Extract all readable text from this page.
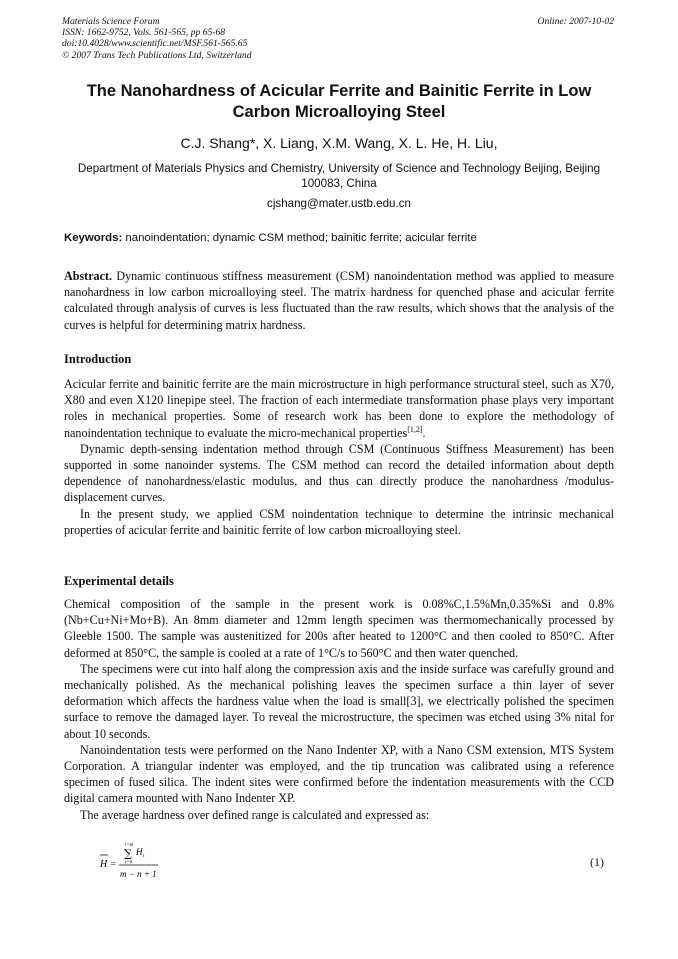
Materials Science Forum
ISSN: 1662-9752, Vols. 561-565, pp 65-68
doi:10.4028/www.scientific.net/MSF.561-565.65
© 2007 Trans Tech Publications Ltd, Switzerland
Online: 2007-10-02
The Nanohardness of Acicular Ferrite and Bainitic Ferrite in Low Carbon Microalloying Steel
C.J. Shang*, X. Liang, X.M. Wang, X. L. He, H. Liu,
Department of Materials Physics and Chemistry, University of Science and Technology Beijing, Beijing 100083, China
cjshang@mater.ustb.edu.cn
Keywords: nanoindentation; dynamic CSM method; bainitic ferrite; acicular ferrite
Abstract. Dynamic continuous stiffness measurement (CSM) nanoindentation method was applied to measure nanohardness in low carbon microalloying steel. The matrix hardness for quenched phase and acicular ferrite calculated through analysis of curves is less fluctuated than the raw results, which shows that the analysis of the curves is helpful for determining matrix hardness.
Introduction

Acicular ferrite and bainitic ferrite are the main microstructure in high performance structural steel, such as X70, X80 and even X120 linepipe steel. The fraction of each intermediate transformation phase plays very important roles in mechanical properties. Some of research work has been done to explore the methodology of nanoindentation technique to evaluate the micro-mechanical properties[1,2].

Dynamic depth-sensing indentation method through CSM (Continuous Stiffness Measurement) has been supported in some nanoinder systems. The CSM method can record the detailed information about depth dependence of nanohardness/elastic modulus, and thus can directly produce the nanohardness /modulus-displacement curves.

In the present study, we applied CSM noindentation technique to determine the intrinsic mechanical properties of acicular ferrite and bainitic ferrite of low carbon microalloying steel.

Experimental details

Chemical composition of the sample in the present work is 0.08%C,1.5%Mn,0.35%Si and 0.8%(Nb+Cu+Ni+Mo+B). An 8mm diameter and 12mm length specimen was thermomechanically processed by Gleeble 1500. The sample was austenitized for 200s after heated to 1200°C and then cooled to 850°C. After deformed at 850°C, the sample is cooled at a rate of 1°C/s to 560°C and then water quenched.

The specimens were cut into half along the compression axis and the inside surface was carefully ground and mechanically polished. As the mechanical polishing leaves the specimen surface a thin layer of sever deformation which affects the hardness value when the load is small[3], we electrically polished the specimen surface to remove the damaged layer. To reveal the microstructure, the specimen was etched using 3% nital for about 10 seconds.

Nanoindentation tests were performed on the Nano Indenter XP, with a Nano CSM extension, MTS System Corporation. A triangular indenter was employed, and the tip truncation was calibrated using a reference specimen of fused silica. The indent sites were confirmed before the indentation measurements with the CCD digital camera mounted with Nano Indenter XP.

The average hardness over defined range is calculated and expressed as:

H =
i=m
∑
i=n
H i
m − n + 1
(1)
